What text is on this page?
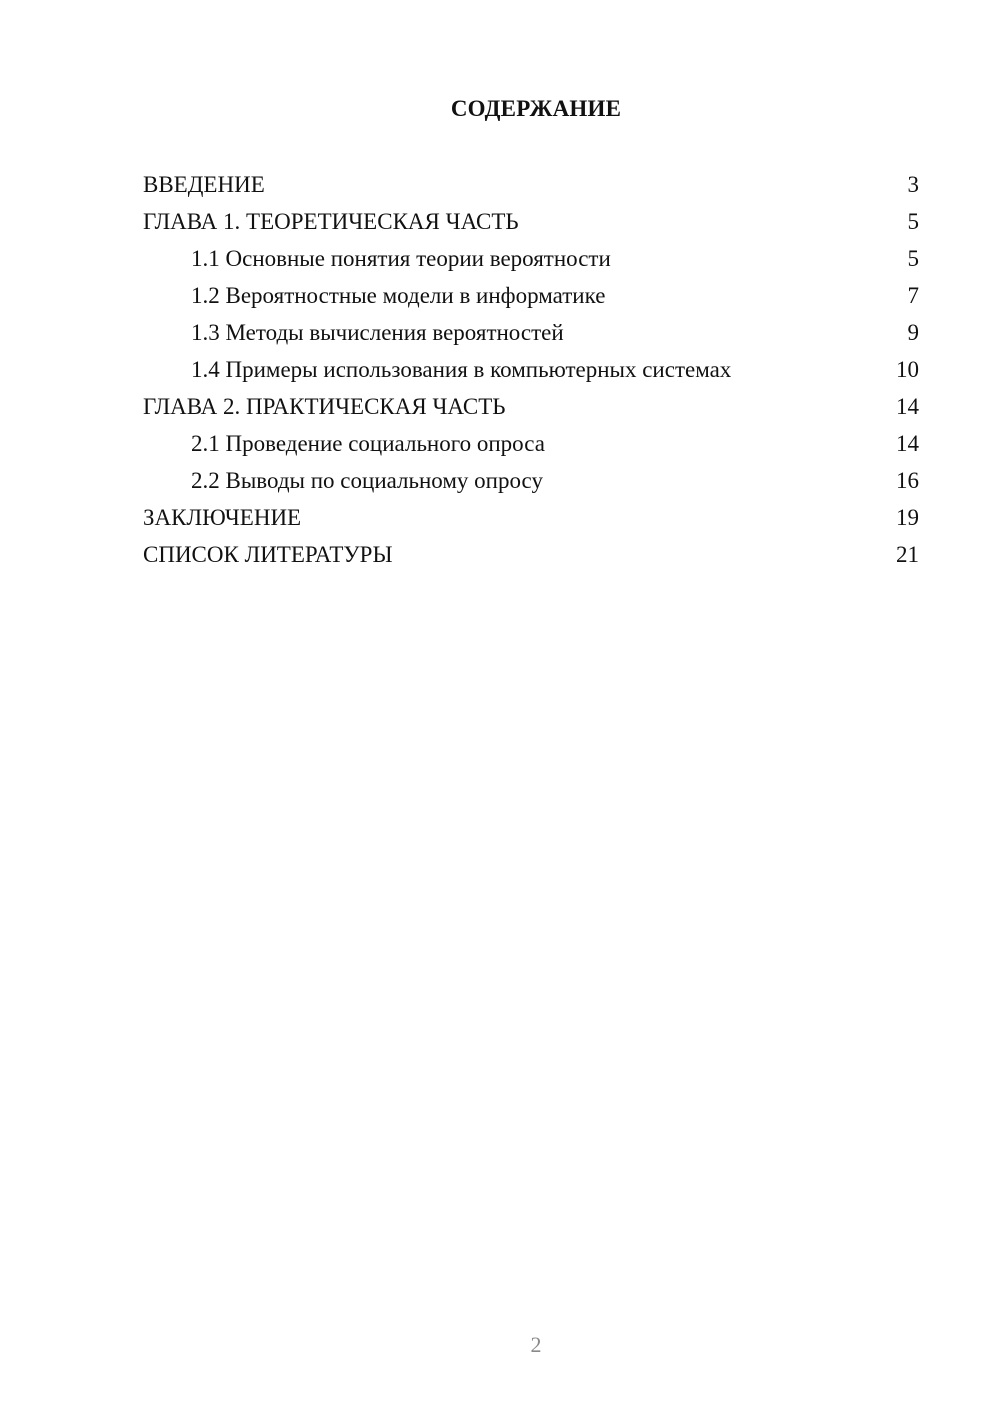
СОДЕРЖАНИЕ
ВВЕДЕНИЕ	3
ГЛАВА 1. ТЕОРЕТИЧЕСКАЯ ЧАСТЬ	5
1.1 Основные понятия теории вероятности	5
1.2 Вероятностные модели в информатике	7
1.3 Методы вычисления вероятностей	9
1.4 Примеры использования в компьютерных системах	10
ГЛАВА 2. ПРАКТИЧЕСКАЯ ЧАСТЬ	14
2.1 Проведение социального опроса	14
2.2 Выводы по социальному опросу	16
ЗАКЛЮЧЕНИЕ	19
СПИСОК ЛИТЕРАТУРЫ	21
2
